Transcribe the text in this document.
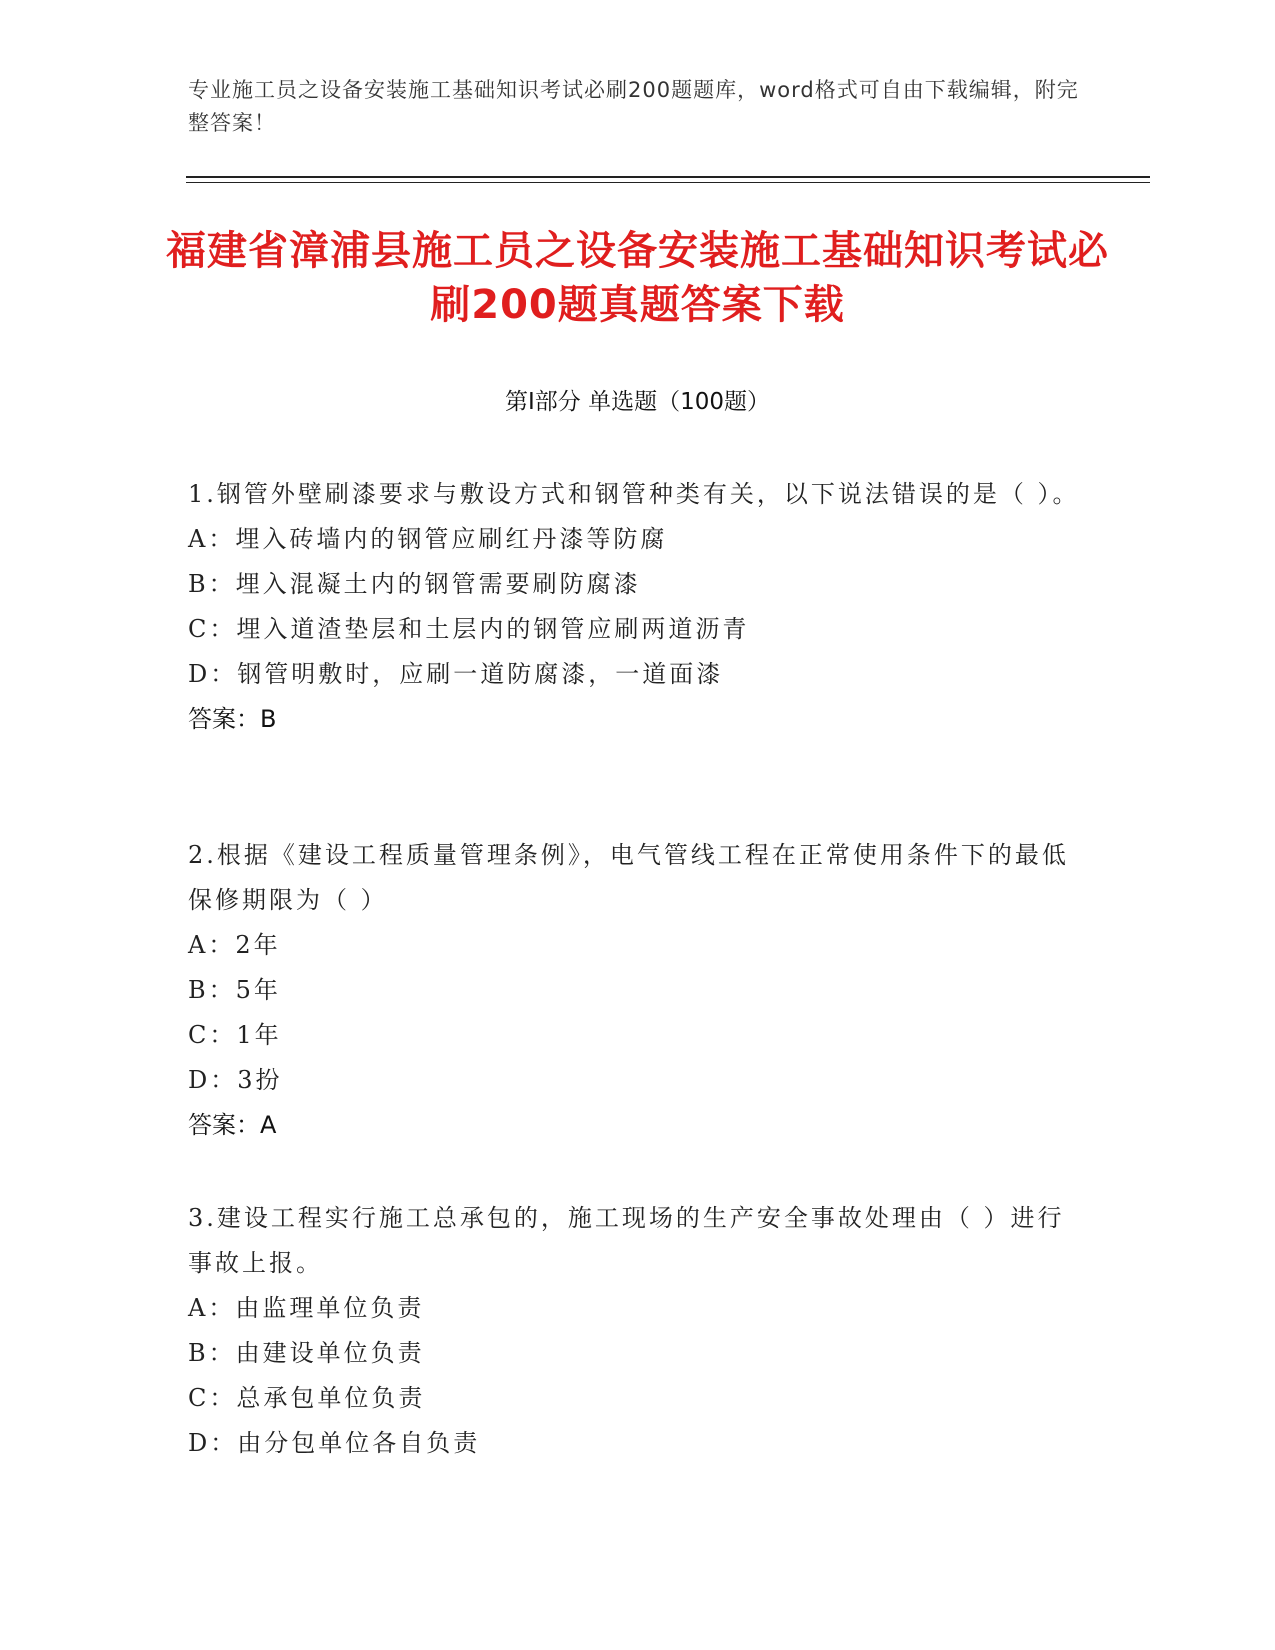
专业施工员之设备安装施工基础知识考试必刷200题题库，word格式可自由下载编辑，附完整答案！
福建省漳浦县施工员之设备安装施工基础知识考试必刷200题真题答案下载
第Ⅰ部分 单选题（100题）
1.钢管外壁刷漆要求与敷设方式和钢管种类有关，以下说法错误的是（ ）。
A：埋入砖墙内的钢管应刷红丹漆等防腐
B：埋入混凝土内的钢管需要刷防腐漆
C：埋入道渣垫层和土层内的钢管应刷两道沥青
D：钢管明敷时，应刷一道防腐漆，一道面漆
答案：B
2.根据《建设工程质量管理条例》，电气管线工程在正常使用条件下的最低保修期限为（ ）
A：2年
B：5年
C：1年
D：3扮
答案：A
3.建设工程实行施工总承包的，施工现场的生产安全事故处理由（ ）进行事故上报。
A：由监理单位负责
B：由建设单位负责
C：总承包单位负责
D：由分包单位各自负责
